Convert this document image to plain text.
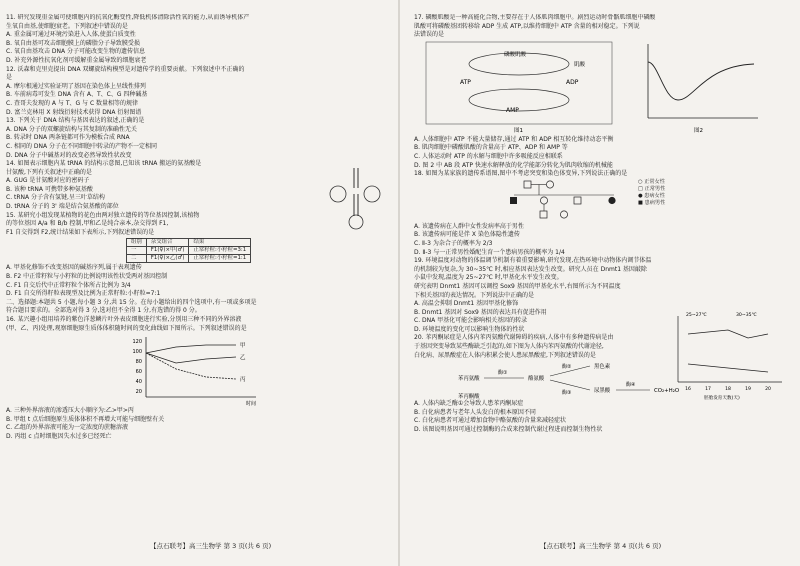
11. 研究发现重金属可使细胞内的抗氧化酶变性,降低机体清除活性氧的能力,从而诱导机体产

生氧自由基,使细胞衰老。下列叙述中错误的是

A. 重金属可通过环境污染进入人体,使蛋白质变性

B. 氧自由基可攻击细胞膜上的磷脂分子导致膜受损

C. 氧自由基攻击 DNA 分子可能改变生物的遗传信息

D. 补充外源性抗氧化剂可缓解重金属导致的细胞衰老

12. 沃森和克里克提出 DNA 双螺旋结构模型是对遗传学的重要贡献。下列叙述中不正确的

是

A. 摩尔根通过实验证明了基因在染色体上呈线性排列

B. 车前病毒可发生 DNA 含有 A、T、C、G 四种碱基

C. 査哥夫发现的 A 与 T、G 与 C 数量相等的规律

D. 富兰克林用 X 射线衍射技术获得 DNA 衍射图谱

13. 下列关于 DNA 结构与基因表达的叙述,正确的是

A. DNA 分子的双螺旋结构与其复制的准确性无关

B. 转录时 DNA 两条链都可作为模板合成 RNA

C. 相同的 DNA 分子在不同细胞中转录的产物不一定相同

D. DNA 分子中碱基对的改变必然导致性状改变

14. 如图表示细胞内某 tRNA 的结构示意图,已知该 tRNA 搬运的氨基酸是

甘氨酸,下列有关叙述中正确的是

A. GUG 是甘氨酸对应的密码子

B. 该种 tRNA 可携带多种氨基酸

C. tRNA 分子含有氢键,呈三叶草结构

D. tRNA 分子的 3' 端是结合氨基酸的部位

15. 某研究小组发现某植物的花色由两对独立遗传的等位基因控制,该植物

的等位基因 A/a 和 B/b 控制,甲和乙是纯合亲本,杂交得到 F1,

F1 自交得到 F2,统计结果如下表所示,下列叙述错误的是

组别	杂交组合	结果
一	F1(♀)×甲(♂)	正常籽粒:小籽粒=3:1
二	F1(♀)×乙(♂)	正常籽粒:小籽粒=1:1

A. 甲基化修饰不改变基因的碱基序列,属于表观遗传

B. F2 中正常籽粒与小籽粒的比例说明该性状受两对基因控制

C. F1 自交后代中正常籽粒个体所占比例为 3/4

D. F1 自交所得籽粒表现型及比例为正常籽粒:小籽粒=7:1

二、选择题:本题共 5 小题,每小题 3 分,共 15 分。在每小题给出的四个选项中,有一项或多项是

符合题目要求的。全部选对得 3 分,选对但不全得 1 分,有选错的得 0 分。

16. 某兴趣小组用培养的紫色洋葱鳞片叶外表皮细胞进行实验,分别用三种不同的外界溶液

(甲、乙、丙)处理,观察细胞原生质体体积随时间的变化曲线如下图所示。下列叙述错误的是

120
100
80
60
40
20
甲
乙
丙
时间

A. 三种外界溶液的渗透压大小顺序为:乙>甲>丙

B. 甲组 t 点后细胞原生质体体积不再增大可能与细胞壁有关

C. 乙组的外界溶液可能为一定浓度的蔗糖溶液

D. 丙组 c 点时细胞因失水过多已经死亡

【点石联考】高三生物学 第 3 页(共 6 页)

17. 磷酸肌酸是一种高能化合物,主要存在于人体肌肉细胞中。剧烈运动时骨骼肌细胞中磷酸

肌酸可将磷酸基团转移给 ADP 生成 ATP,以维持细胞中 ATP 含量的相对稳定。下列说

法错误的是

ATP
磷酸肌酸
肌酸
ADP
AMP
图1	图2

A. 人体细胞中 ATP 不能大量储存,通过 ATP 和 ADP 相互转化维持动态平衡

B. 肌肉细胞中磷酸肌酸的含量高于 ATP、ADP 和 AMP 等

C. 人体运动时 ATP 的水解与细胞中许多吸能反应相联系

D. 图 2 中 AB 段 ATP 快速水解释放的化学能部分转化为肌肉收缩的机械能

18. 如图为某家族的遗传系谱图,图中不考虑突变和染色体变异,下列说法正确的是

○ 正常女性

□ 正常男性

● 患病女性

■ 患病男性

A. 该遗传病在人群中女性发病率高于男性

B. 该遗传病可能是伴 X 染色体隐性遗传

C. Ⅱ-3 为杂合子的概率为 2/3

D. Ⅱ-3 与一正常男性婚配生育一个患病男孩的概率为 1/4

19. 环境温度对动物的体温调节机制有着重要影响,研究发现,在热环境中动物体内调节体温

的机制较为复杂,为 30~35℃ 时,相应基因表达发生改变。研究人员在 Dnmt1 基因敲除

小鼠中发现,温度为 25~27℃ 时,甲基化水平发生改变。

研究表明 Dnmt1 基因可以调控 Sox9 基因的甲基化水平,右图所示为不同温度

下相关基因的表达情况。下列说法中正确的是

A. 高温会抑制 Dnmt1 基因甲基化修饰

B. Dnmt1 基因对 Sox9 基因的表达具有促进作用

C. DNA 甲基化可能会影响相关基因的转录

D. 环境温度的变化可以影响生物体的性状

25~27℃	30~35℃
16	17	18	19	20
胚胎发育天数(天)

20. 苯丙酮尿症是人体内苯丙氨酸代谢障碍的疾病,人体中有多种遗传病是由

于基因突变导致某些酶缺乏引起的,如下图为人体内苯丙氨酸的代谢途径,

白化病、尿黑酸症在人体内积累会使人患尿黑酸症,下列叙述错误的是

苯丙氨酸
酶①
酪氨酸
酶②	黑色素
酶③	尿黑酸
酶④
CO₂+H₂O
苯丙酮酸

A. 人体内缺乏酶①会导致人患苯丙酮尿症

B. 白化病患者与老年人头发白的根本原因不同

C. 白化病患者可通过增加食物中酪氨酸的含量来减轻症状

D. 该图说明基因可通过控制酶的合成来控制代谢过程进而控制生物性状

【点石联考】高三生物学 第 4 页(共 6 页)
